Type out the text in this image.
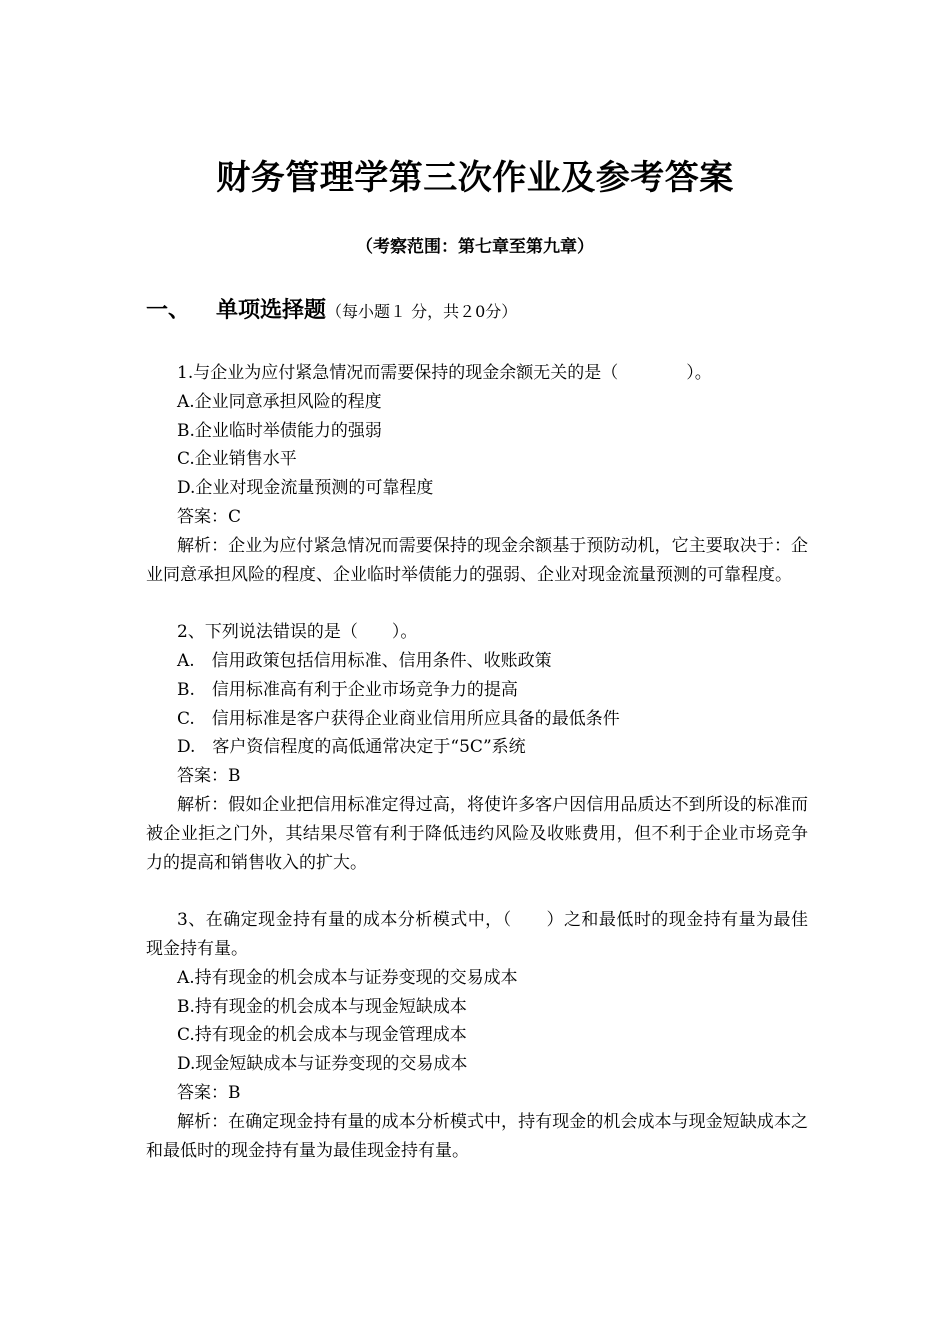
财务管理学第三次作业及参考答案
（考察范围：第七章至第九章）
一、 单项选择题（每小题１ 分，共２0分）
1.与企业为应付紧急情况而需要保持的现金余额无关的是（　　　　）。
A.企业同意承担风险的程度
B.企业临时举债能力的强弱
C.企业销售水平
D.企业对现金流量预测的可靠程度
答案：C
解析：企业为应付紧急情况而需要保持的现金余额基于预防动机，它主要取决于：企业同意承担风险的程度、企业临时举债能力的强弱、企业对现金流量预测的可靠程度。
2、下列说法错误的是（　　）。
A.　信用政策包括信用标准、信用条件、收账政策
B.　信用标准高有利于企业市场竞争力的提高
C.　信用标准是客户获得企业商业信用所应具备的最低条件
D.　客户资信程度的高低通常决定于“5C”系统
答案：B
解析：假如企业把信用标准定得过高，将使许多客户因信用品质达不到所设的标准而被企业拒之门外，其结果尽管有利于降低违约风险及收账费用，但不利于企业市场竞争力的提高和销售收入的扩大。
3、在确定现金持有量的成本分析模式中，（　　）之和最低时的现金持有量为最佳现金持有量。
A.持有现金的机会成本与证券变现的交易成本
B.持有现金的机会成本与现金短缺成本
C.持有现金的机会成本与现金管理成本
D.现金短缺成本与证券变现的交易成本
答案：B
解析：在确定现金持有量的成本分析模式中，持有现金的机会成本与现金短缺成本之和最低时的现金持有量为最佳现金持有量。
